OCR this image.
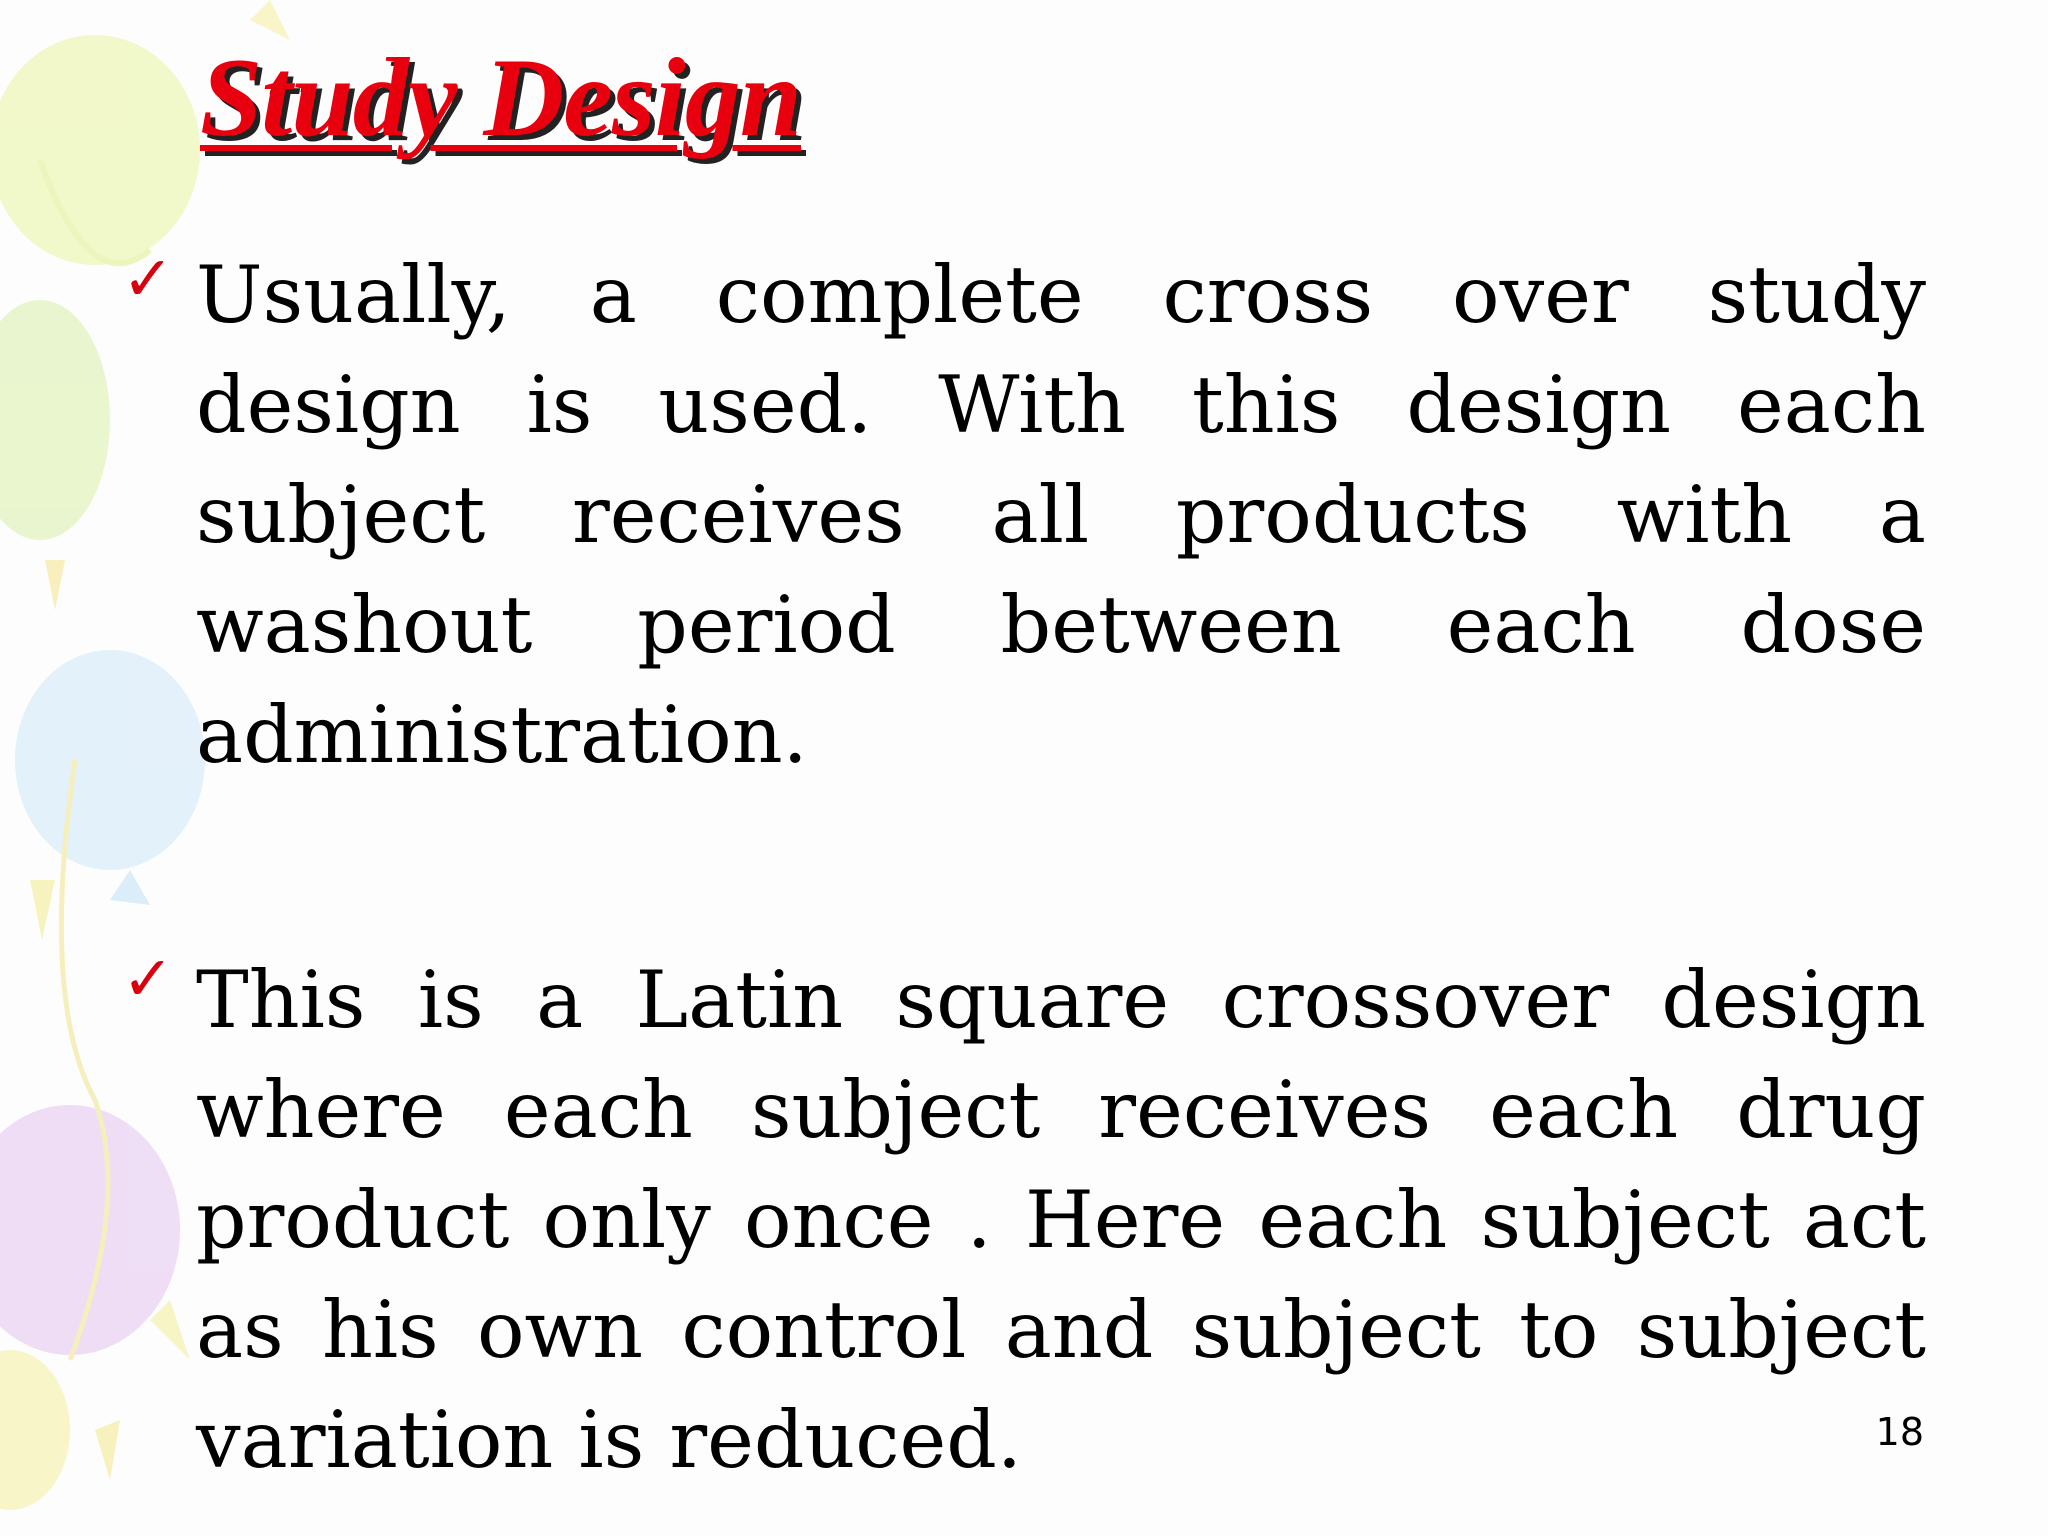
Study Design
✓ Usually, a complete cross over study design is used. With this design each subject receives all products with a washout period between each dose administration.

✓ This is a Latin square crossover design where each subject receives each drug product only once . Here each subject act as his own control and subject to subject variation is reduced.	18
